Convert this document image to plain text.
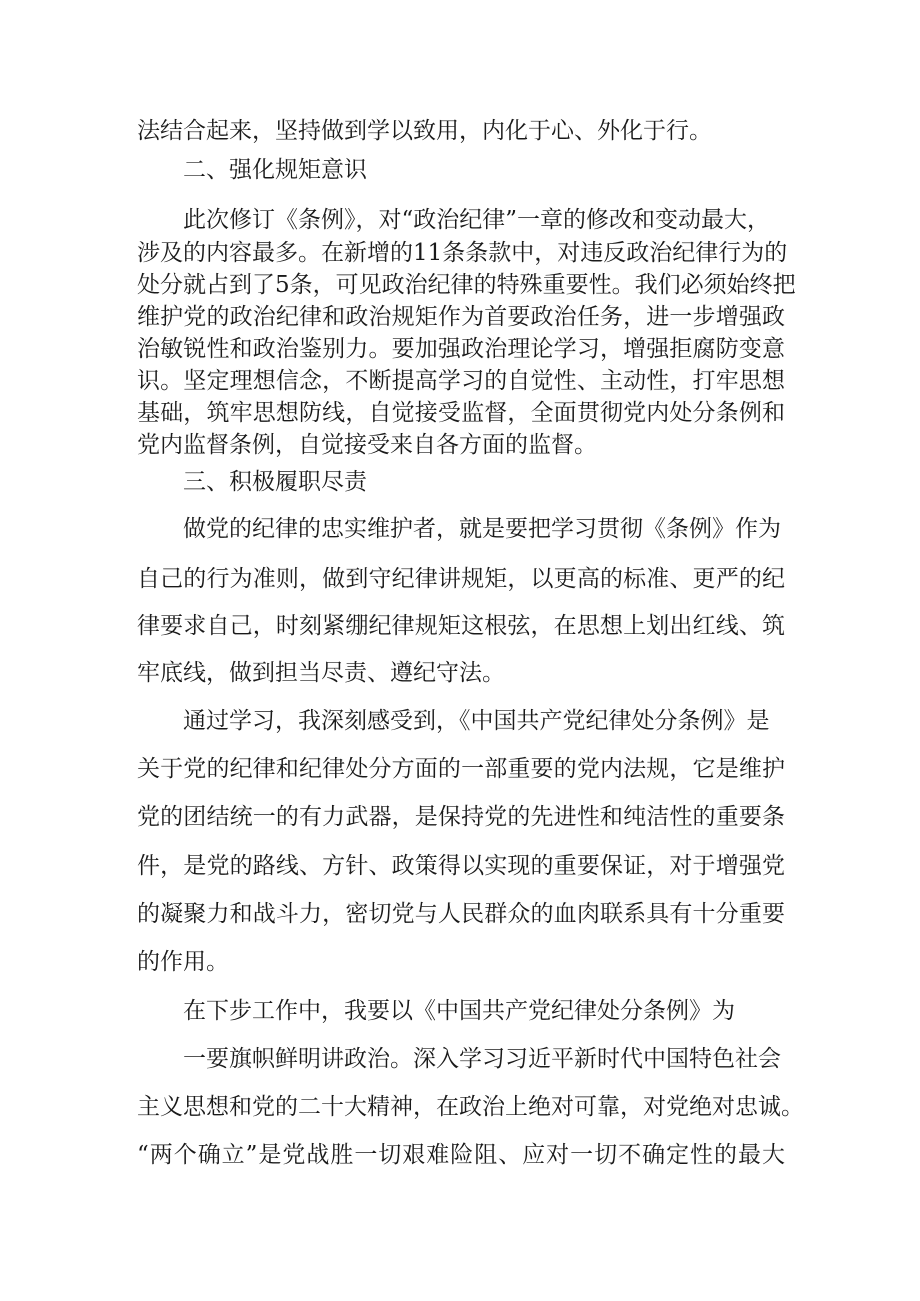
法结合起来，坚持做到学以致用，内化于心、外化于行。

二、强化规矩意识

此次修订《条例》，对“政治纪律”一章的修改和变动最大，

涉及的内容最多。在新增的11条条款中，对违反政治纪律行为的

处分就占到了5条，可见政治纪律的特殊重要性。我们必须始终把

维护党的政治纪律和政治规矩作为首要政治任务，进一步增强政

治敏锐性和政治鉴别力。要加强政治理论学习，增强拒腐防变意

识。坚定理想信念，不断提高学习的自觉性、主动性，打牢思想

基础，筑牢思想防线，自觉接受监督，全面贯彻党内处分条例和

党内监督条例，自觉接受来自各方面的监督。

三、积极履职尽责

做党的纪律的忠实维护者，就是要把学习贯彻《条例》作为

自己的行为准则，做到守纪律讲规矩，以更高的标准、更严的纪

律要求自己，时刻紧绷纪律规矩这根弦，在思想上划出红线、筑

牢底线，做到担当尽责、遵纪守法。

通过学习，我深刻感受到，《中国共产党纪律处分条例》是

关于党的纪律和纪律处分方面的一部重要的党内法规，它是维护

党的团结统一的有力武器，是保持党的先进性和纯洁性的重要条

件，是党的路线、方针、政策得以实现的重要保证，对于增强党

的凝聚力和战斗力，密切党与人民群众的血肉联系具有十分重要

的作用。

在下步工作中，我要以《中国共产党纪律处分条例》为

一要旗帜鲜明讲政治。深入学习习近平新时代中国特色社会

主义思想和党的二十大精神，在政治上绝对可靠，对党绝对忠诚。

“两个确立”是党战胜一切艰难险阻、应对一切不确定性的最大
